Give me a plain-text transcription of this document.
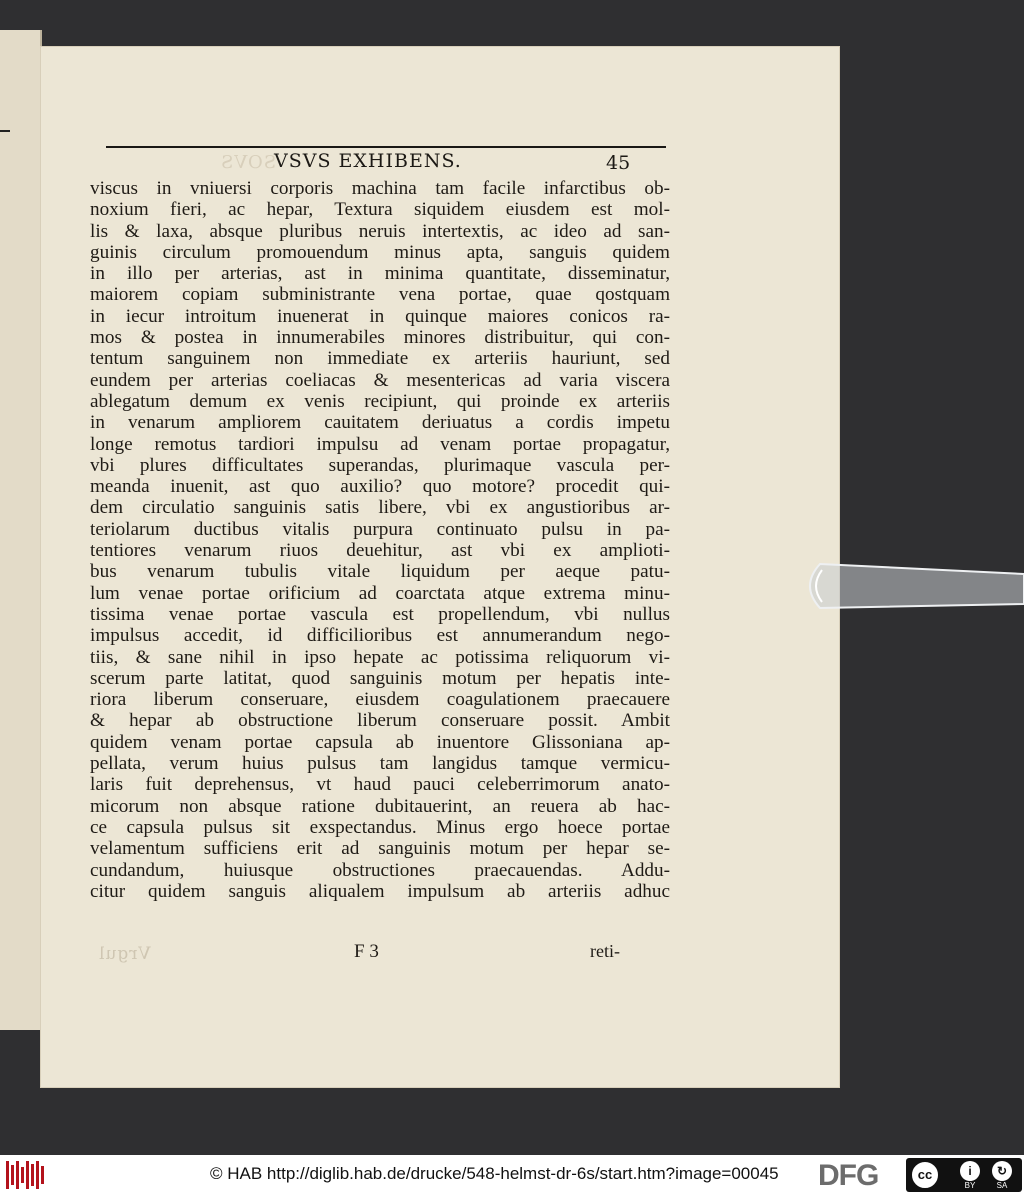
SOVS
VSVS EXHIBENS.	45
viscus in vniuersi corporis machina tam facile infarctibus ob-
noxium fieri, ac hepar, Textura siquidem eiusdem est mol-
lis & laxa, absque pluribus neruis intertextis, ac ideo ad san-
guinis circulum promouendum minus apta, sanguis quidem
in illo per arterias, ast in minima quantitate, disseminatur,
maiorem copiam subministrante vena portae, quae qostquam
in iecur introitum inuenerat in quinque maiores conicos ra-
mos & postea in innumerabiles minores distribuitur, qui con-
tentum sanguinem non immediate ex arteriis hauriunt, sed
eundem per arterias coeliacas & mesentericas ad varia viscera
ablegatum demum ex venis recipiunt, qui proinde ex arteriis
in venarum ampliorem cauitatem deriuatus a cordis impetu
longe remotus tardiori impulsu ad venam portae propagatur,
vbi plures difficultates superandas, plurimaque vascula per-
meanda inuenit, ast quo auxilio? quo motore? procedit qui-
dem circulatio sanguinis satis libere, vbi ex angustioribus ar-
teriolarum ductibus vitalis purpura continuato pulsu in pa-
tentiores venarum riuos deuehitur, ast vbi ex amplioti-
bus venarum tubulis vitale liquidum per aeque patu-
lum venae portae orificium ad coarctata atque extrema minu-
tissima venae portae vascula est propellendum, vbi nullus
impulsus accedit, id difficilioribus est annumerandum nego-
tiis, & sane nihil in ipso hepate ac potissima reliquorum vi-
scerum parte latitat, quod sanguinis motum per hepatis inte-
riora liberum conseruare, eiusdem coagulationem praecauere
& hepar ab obstructione liberum conseruare possit. Ambit
quidem venam portae capsula ab inuentore Glissoniana ap-
pellata, verum huius pulsus tam langidus tamque vermicu-
laris fuit deprehensus, vt haud pauci celeberrimorum anato-
micorum non absque ratione dubitauerint, an reuera ab hac-
ce capsula pulsus sit exspectandus. Minus ergo hoece portae
velamentum sufficiens erit ad sanguinis motum per hepar se-
cundandum, huiusque obstructiones praecauendas. Addu-
citur quidem sanguis aliqualem impulsum ab arteriis adhuc
Vrgul	F 3	reti-
© HAB http://diglib.hab.de/drucke/548-helmst-dr-6s/start.htm?image=00045 DFG	cc	i
BY
↻
SA
